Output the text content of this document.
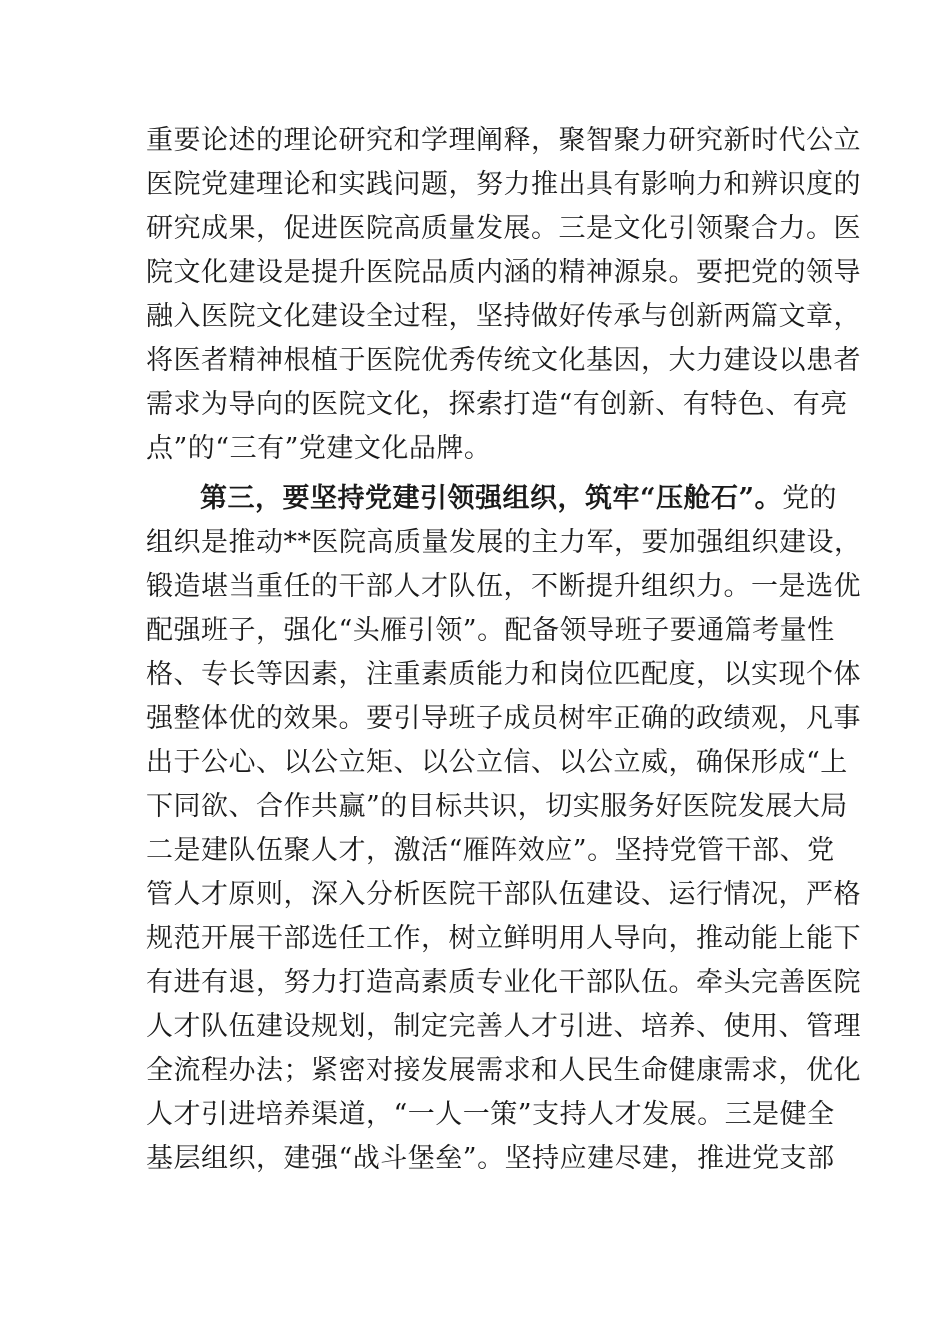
重要论述的理论研究和学理阐释，聚智聚力研究新时代公立
医院党建理论和实践问题，努力推出具有影响力和辨识度的
研究成果，促进医院高质量发展。三是文化引领聚合力。医
院文化建设是提升医院品质内涵的精神源泉。要把党的领导
融入医院文化建设全过程，坚持做好传承与创新两篇文章，
将医者精神根植于医院优秀传统文化基因，大力建设以患者
需求为导向的医院文化，探索打造“有创新、有特色、有亮
点”的“三有”党建文化品牌。
第三，要坚持党建引领强组织，筑牢“压舱石”。党的
组织是推动**医院高质量发展的主力军，要加强组织建设，
锻造堪当重任的干部人才队伍，不断提升组织力。一是选优
配强班子，强化“头雁引领”。配备领导班子要通篇考量性
格、专长等因素，注重素质能力和岗位匹配度，以实现个体
强整体优的效果。要引导班子成员树牢正确的政绩观，凡事
出于公心、以公立矩、以公立信、以公立威，确保形成“上
下同欲、合作共赢”的目标共识，切实服务好医院发展大局
二是建队伍聚人才，激活“雁阵效应”。坚持党管干部、党
管人才原则，深入分析医院干部队伍建设、运行情况，严格
规范开展干部选任工作，树立鲜明用人导向，推动能上能下
有进有退，努力打造高素质专业化干部队伍。牵头完善医院
人才队伍建设规划，制定完善人才引进、培养、使用、管理
全流程办法；紧密对接发展需求和人民生命健康需求，优化
人才引进培养渠道，“一人一策”支持人才发展。三是健全
基层组织，建强“战斗堡垒”。坚持应建尽建，推进党支部
